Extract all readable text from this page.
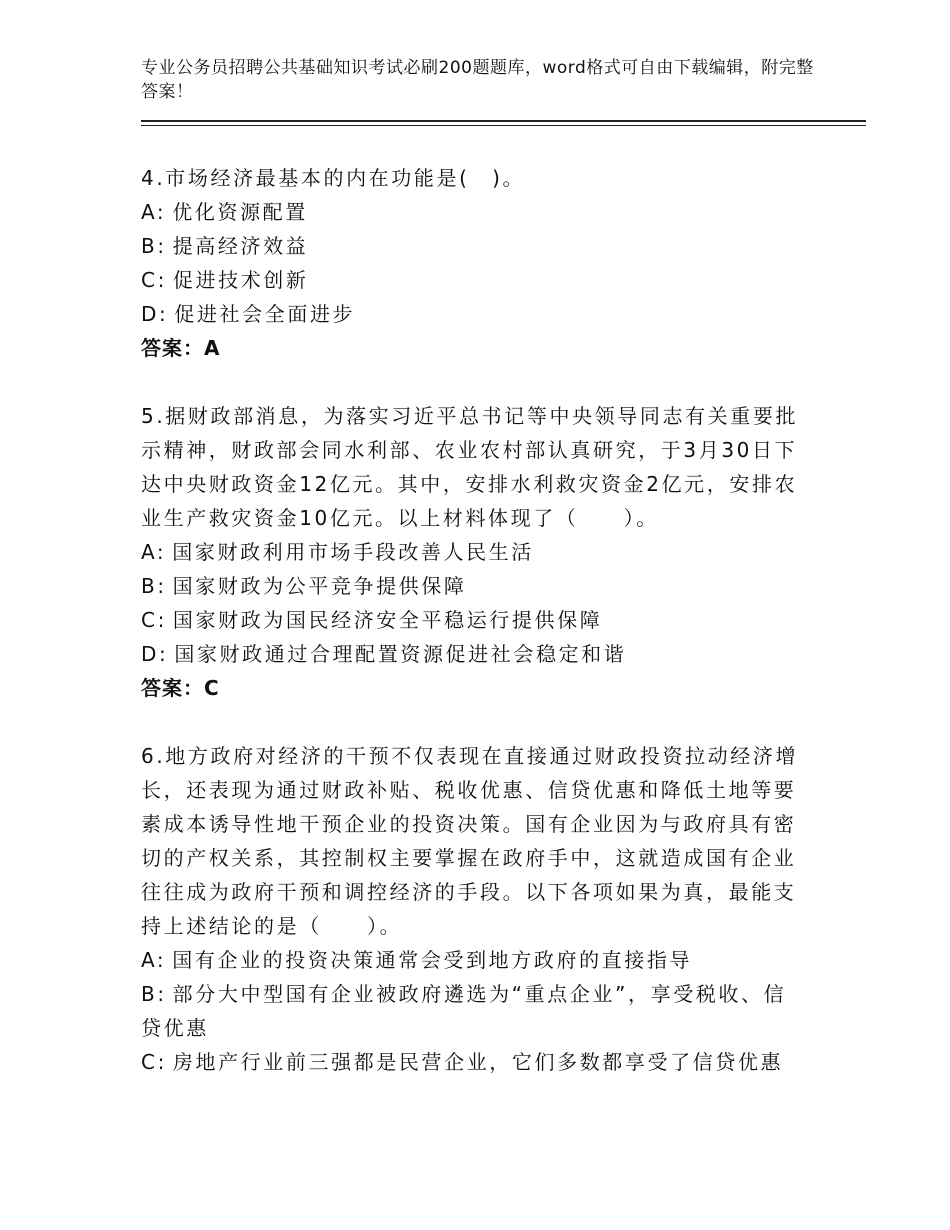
专业公务员招聘公共基础知识考试必刷200题题库，word格式可自由下载编辑，附完整答案！

4.市场经济最基本的内在功能是(　)。

A: 优化资源配置

B: 提高经济效益

C: 促进技术创新

D: 促进社会全面进步

答案：A

5.据财政部消息，为落实习近平总书记等中央领导同志有关重要批示精神，财政部会同水利部、农业农村部认真研究，于3月30日下达中央财政资金12亿元。其中，安排水利救灾资金2亿元，安排农业生产救灾资金10亿元。以上材料体现了（　　）。

A: 国家财政利用市场手段改善人民生活

B: 国家财政为公平竞争提供保障

C: 国家财政为国民经济安全平稳运行提供保障

D: 国家财政通过合理配置资源促进社会稳定和谐

答案：C

6.地方政府对经济的干预不仅表现在直接通过财政投资拉动经济增长，还表现为通过财政补贴、税收优惠、信贷优惠和降低土地等要素成本诱导性地干预企业的投资决策。国有企业因为与政府具有密切的产权关系，其控制权主要掌握在政府手中，这就造成国有企业往往成为政府干预和调控经济的手段。以下各项如果为真，最能支持上述结论的是（　　）。

A: 国有企业的投资决策通常会受到地方政府的直接指导

B: 部分大中型国有企业被政府遴选为“重点企业”，享受税收、信贷优惠

C: 房地产行业前三强都是民营企业，它们多数都享受了信贷优惠
